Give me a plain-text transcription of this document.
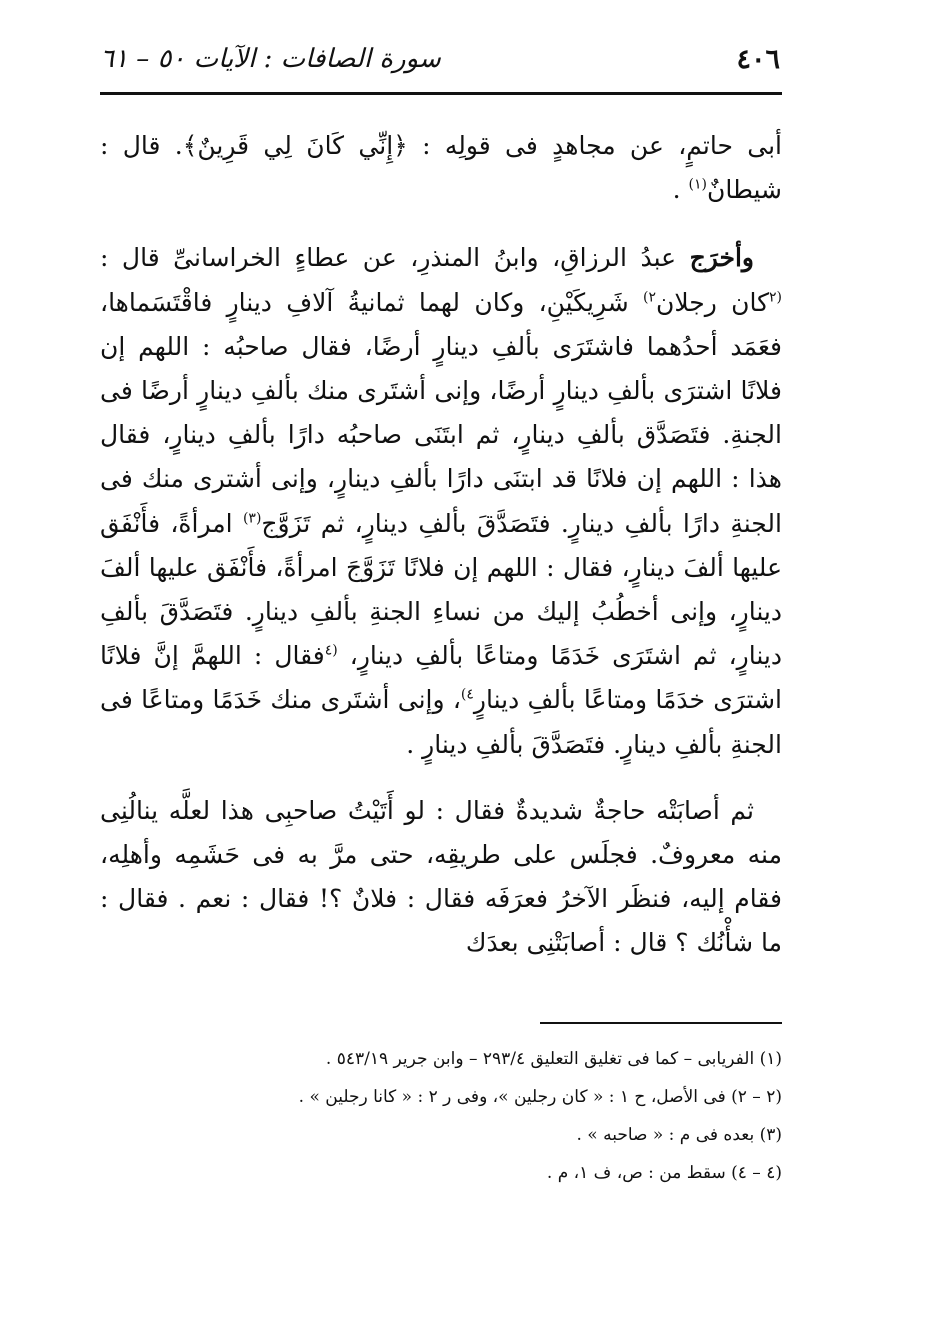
٤٠٦
سورة الصافات : الآيات ٥٠ – ٦١

أبى حاتمٍ، عن مجاهدٍ فى قولِه : ﴿إِنِّي كَانَ لِي قَرِينٌ﴾. قال : شيطانٌ$^{(١)}$ .

وأخرَج عبدُ الرزاقِ، وابنُ المنذرِ، عن عطاءٍ الخراسانىِّ قال : $^{(٢}$كان رجلان$^{٢)}$ شَرِيكَيْنِ، وكان لهما ثمانيةُ آلافِ دينارٍ فاقْتَسَماها، فعَمَد أحدُهما فاشتَرَى بألفِ دينارٍ أرضًا، فقال صاحبُه : اللهم إن فلانًا اشترَى بألفِ دينارٍ أرضًا، وإنى أشتَرى منك بألفِ دينارٍ أرضًا فى الجنةِ. فتَصَدَّق بألفِ دينارٍ، ثم ابتَنَى صاحبُه دارًا بألفِ دينارٍ، فقال هذا : اللهم إن فلانًا قد ابتنَى دارًا بألفِ دينارٍ، وإنى أشترى منك فى الجنةِ دارًا بألفِ دينارٍ. فتَصَدَّقَ بألفِ دينارٍ، ثم تَزَوَّج$^{(٣)}$ امرأةً، فأَنْفَق عليها ألفَ دينارٍ، فقال : اللهم إن فلانًا تَزَوَّجَ امرأةً، فأَنْفَق عليها ألفَ دينارٍ، وإنى أخطُبُ إليك من نساءِ الجنةِ بألفِ دينارٍ. فتَصَدَّقَ بألفِ دينارٍ، ثم اشتَرَى خَدَمًا ومتاعًا بألفِ دينارٍ، $^{(٤}$فقال : اللهمَّ إنَّ فلانًا اشترَى خدَمًا ومتاعًا بألفِ دينارٍ$^{٤)}$، وإنى أشتَرى منك خَدَمًا ومتاعًا فى الجنةِ بألفِ دينارٍ. فتَصَدَّقَ بألفِ دينارٍ .

ثم أصابَتْه حاجةٌ شديدةٌ فقال : لو أَتَيْتُ صاحبِى هذا لعلَّه ينالُنِى منه معروفٌ. فجلَس على طريقِه، حتى مرَّ به فى حَشَمِه وأهلِه، فقام إليه، فنظَر الآخرُ فعرَفَه فقال : فلانٌ ؟! فقال : نعم . فقال : ما شأْنُك ؟ قال : أصابَتْنِى بعدَك

(١) الفريابى – كما فى تغليق التعليق ٢٩٣/٤ – وابن جرير ٥٤٣/١٩ .

(٢ – ٢) فى الأصل، ح ١ : « كان رجلين »، وفى ر ٢ : « كانا رجلين » .

(٣) بعده فى م : « صاحبه » .

(٤ – ٤) سقط من : ص، ف ١، م .
